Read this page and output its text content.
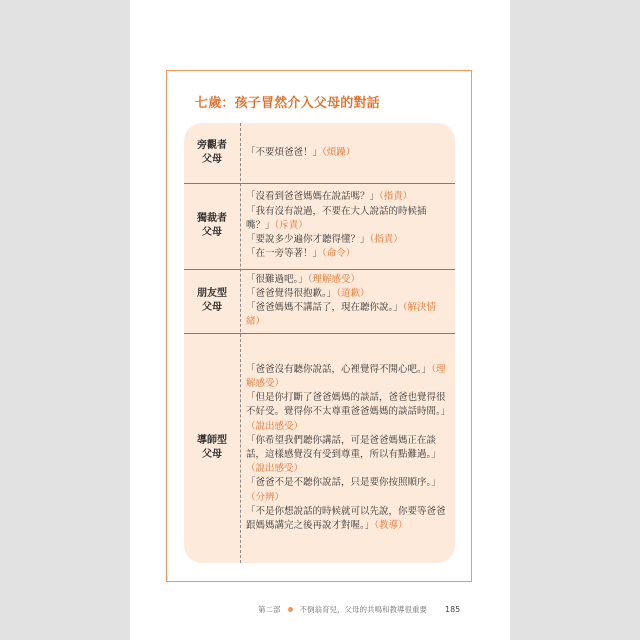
七歲：孩子冒然介入父母的對話
旁觀者
父母
「不要煩爸爸！」（煩躁）
獨裁者
父母
「沒看到爸爸媽媽在說話嗎？」（指責）
「我有沒有說過，不要在大人說話的時候插嘴？」（斥責）
「要說多少遍你才聽得懂？」（指責）
「在一旁等著！」（命令）
朋友型
父母
「很難過吧。」（理解感受）
「爸爸覺得很抱歉。」（道歉）
「爸爸媽媽不講話了，現在聽你說。」（解決情緒）
導師型
父母
「爸爸沒有聽你說話，心裡覺得不開心吧。」（理解感受）
「但是你打斷了爸爸媽媽的談話，爸爸也覺得很不好受。覺得你不太尊重爸爸媽媽的談話時間。」（說出感受）
「你希望我們聽你講話，可是爸爸媽媽正在談話，這樣感覺沒有受到尊重，所以有點難過。」（說出感受）
「爸爸不是不聽你說話，只是要你按照順序。」（分辨）
「不是你想說話的時候就可以先說，你要等爸爸跟媽媽講完之後再說才對喔。」（教導）
第二部	不倒翁育兒，父母的共鳴和教導很重要 185
